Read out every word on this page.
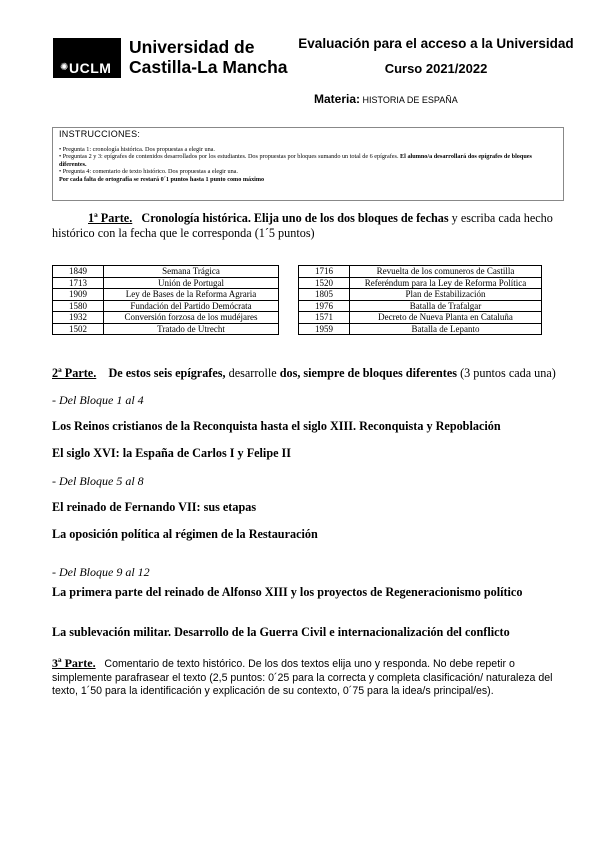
✺ UCLM
Universidad de
Castilla-La Mancha
Evaluación para el acceso a la Universidad
Curso 2021/2022
Materia: HISTORIA DE ESPAÑA
INSTRUCCIONES:

• Pregunta 1: cronología histórica. Dos propuestas a elegir una.

• Preguntas 2 y 3: epígrafes de contenidos desarrollados por los estudiantes. Dos propuestas por bloques sumando un total de 6 epígrafes. El alumno/a desarrollará dos epígrafes de bloques diferentes.

• Pregunta 4: comentario de texto histórico. Dos propuestas a elegir una.

Por cada falta de ortografía se restará 0´1 puntos hasta 1 punto como máximo

1ª Parte. Cronología histórica. Elija uno de los dos bloques de fechas y escriba cada hecho histórico con la fecha que le corresponda (1´5 puntos)
1849	Semana Trágica
1713	Unión de Portugal
1909	Ley de Bases de la Reforma Agraria
1580	Fundación del Partido Demócrata
1932	Conversión forzosa de los mudéjares
1502	Tratado de Utrecht
1716	Revuelta de los comuneros de Castilla
1520	Referéndum para la Ley de Reforma Política
1805	Plan de Estabilización
1976	Batalla de Trafalgar
1571	Decreto de Nueva Planta en Cataluña
1959	Batalla de Lepanto
2ª Parte. De estos seis epígrafes, desarrolle dos, siempre de bloques diferentes (3 puntos cada una)
- Del Bloque 1 al 4
Los Reinos cristianos de la Reconquista hasta el siglo XIII. Reconquista y Repoblación
El siglo XVI: la España de Carlos I y Felipe II
- Del Bloque 5 al 8
El reinado de Fernando VII: sus etapas
La oposición política al régimen de la Restauración
- Del Bloque 9 al 12
La primera parte del reinado de Alfonso XIII y los proyectos de Regeneracionismo político
La sublevación militar. Desarrollo de la Guerra Civil e internacionalización del conflicto
3ª Parte. Comentario de texto histórico. De los dos textos elija uno y responda. No debe repetir o simplemente parafrasear el texto (2,5 puntos: 0´25 para la correcta y completa clasificación/ naturaleza del texto, 1´50 para la identificación y explicación de su contexto, 0´75 para la idea/s principal/es).
